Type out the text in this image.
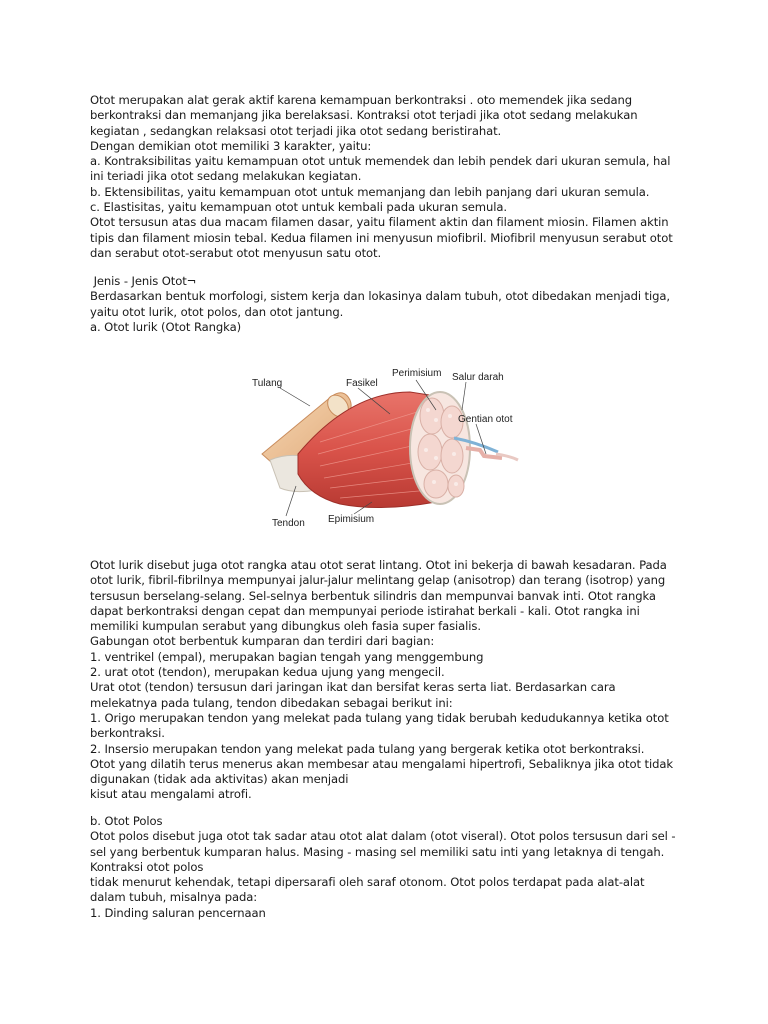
Otot merupakan alat gerak aktif karena kemampuan berkontraksi . oto memendek jika sedang
berkontraksi dan memanjang jika berelaksasi. Kontraksi otot terjadi jika otot sedang melakukan
kegiatan , sedangkan relaksasi otot terjadi jika otot sedang beristirahat.
Dengan demikian otot memiliki 3 karakter, yaitu:
a. Kontraksibilitas yaitu kemampuan otot untuk memendek dan lebih pendek dari ukuran semula, hal
ini teriadi jika otot sedang melakukan kegiatan.
b. Ektensibilitas, yaitu kemampuan otot untuk memanjang dan lebih panjang dari ukuran semula.
c. Elastisitas, yaitu kemampuan otot untuk kembali pada ukuran semula.
Otot tersusun atas dua macam filamen dasar, yaitu filament aktin dan filament miosin. Filamen aktin
tipis dan filament miosin tebal. Kedua filamen ini menyusun miofibril. Miofibril menyusun serabut otot
dan serabut otot-serabut otot menyusun satu otot.
Jenis - Jenis Otot¬
Berdasarkan bentuk morfologi, sistem kerja dan lokasinya dalam tubuh, otot dibedakan menjadi tiga,
yaitu otot lurik, otot polos, dan otot jantung.
a. Otot lurik (Otot Rangka)
Tulang	Fasikel
Perimisium Salur darah
Gentian otot
Tendon Epimisium
Otot lurik disebut juga otot rangka atau otot serat lintang. Otot ini bekerja di bawah kesadaran. Pada
otot lurik, fibril-fibrilnya mempunyai jalur-jalur melintang gelap (anisotrop) dan terang (isotrop) yang
tersusun berselang-selang. Sel-selnya berbentuk silindris dan mempunvai banvak inti. Otot rangka
dapat berkontraksi dengan cepat dan mempunyai periode istirahat berkali - kali. Otot rangka ini
memiliki kumpulan serabut yang dibungkus oleh fasia super fasialis.
Gabungan otot berbentuk kumparan dan terdiri dari bagian:
1. ventrikel (empal), merupakan bagian tengah yang menggembung
2. urat otot (tendon), merupakan kedua ujung yang mengecil.
Urat otot (tendon) tersusun dari jaringan ikat dan bersifat keras serta liat. Berdasarkan cara
melekatnya pada tulang, tendon dibedakan sebagai berikut ini:
1. Origo merupakan tendon yang melekat pada tulang yang tidak berubah kedudukannya ketika otot
berkontraksi.
2. Insersio merupakan tendon yang melekat pada tulang yang bergerak ketika otot berkontraksi.
Otot yang dilatih terus menerus akan membesar atau mengalami hipertrofi, Sebaliknya jika otot tidak
digunakan (tidak ada aktivitas) akan menjadi
kisut atau mengalami atrofi.
b. Otot Polos
Otot polos disebut juga otot tak sadar atau otot alat dalam (otot viseral). Otot polos tersusun dari sel -
sel yang berbentuk kumparan halus. Masing - masing sel memiliki satu inti yang letaknya di tengah.
Kontraksi otot polos
tidak menurut kehendak, tetapi dipersarafi oleh saraf otonom. Otot polos terdapat pada alat-alat
dalam tubuh, misalnya pada:
1. Dinding saluran pencernaan
